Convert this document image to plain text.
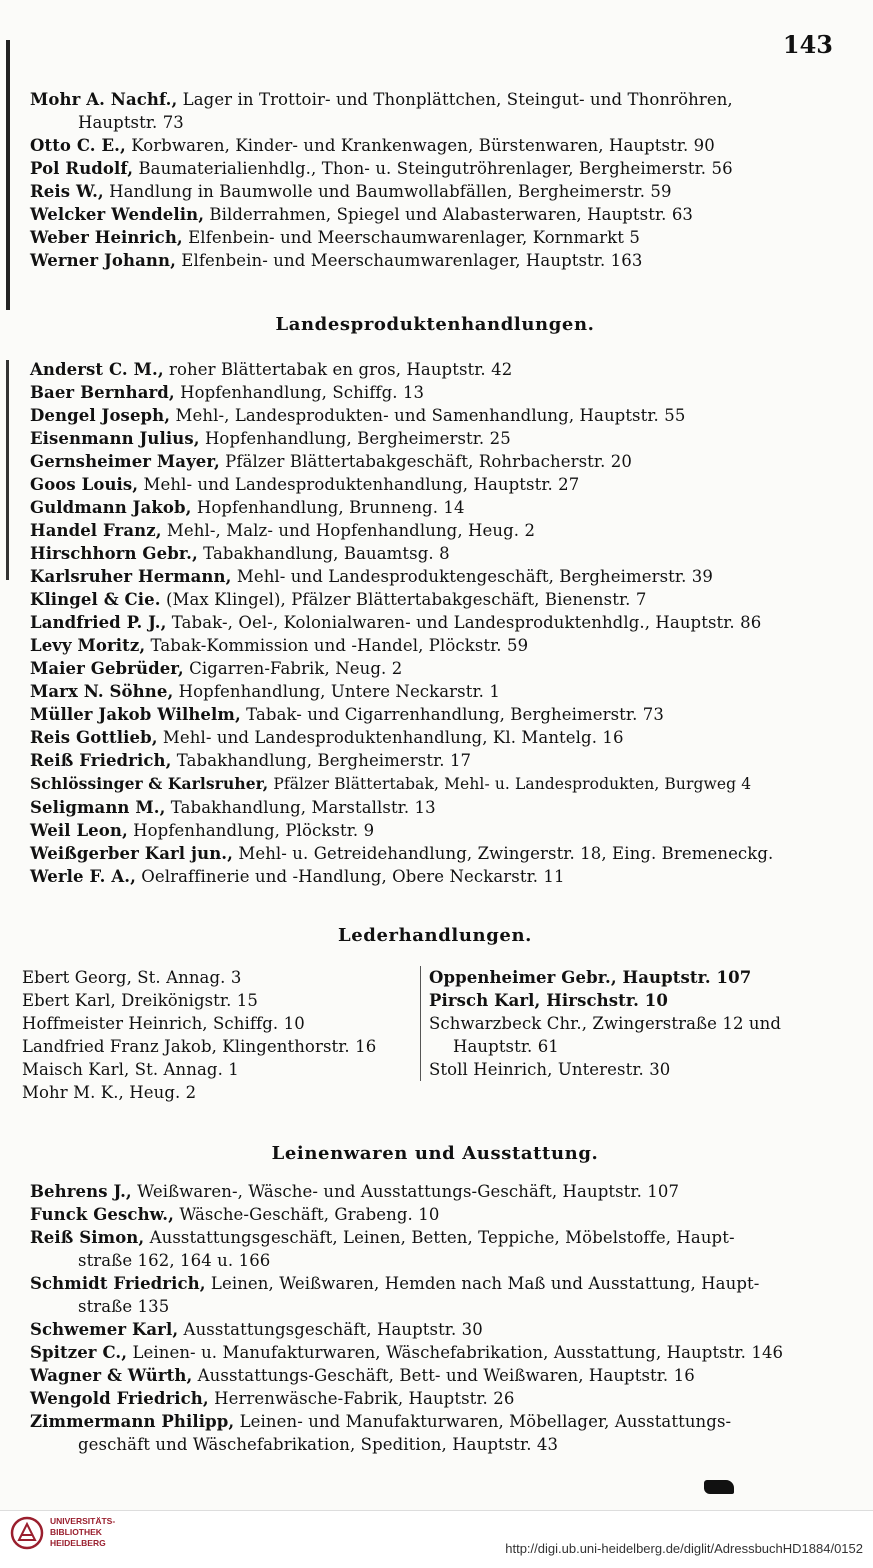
143
Mohr A. Nachf., Lager in Trottoir- und Thonplättchen, Steingut- und Thonröhren,
Hauptstr. 73
Otto C. E., Korbwaren, Kinder- und Krankenwagen, Bürstenwaren, Hauptstr. 90
Pol Rudolf, Baumaterialienhdlg., Thon- u. Steingutröhrenlager, Bergheimerstr. 56
Reis W., Handlung in Baumwolle und Baumwollabfällen, Bergheimerstr. 59
Welcker Wendelin, Bilderrahmen, Spiegel und Alabasterwaren, Hauptstr. 63
Weber Heinrich, Elfenbein- und Meerschaumwarenlager, Kornmarkt 5
Werner Johann, Elfenbein- und Meerschaumwarenlager, Hauptstr. 163
Landesproduktenhandlungen.
Anderst C. M., roher Blättertabak en gros, Hauptstr. 42
Baer Bernhard, Hopfenhandlung, Schiffg. 13
Dengel Joseph, Mehl-, Landesprodukten- und Samenhandlung, Hauptstr. 55
Eisenmann Julius, Hopfenhandlung, Bergheimerstr. 25
Gernsheimer Mayer, Pfälzer Blättertabakgeschäft, Rohrbacherstr. 20
Goos Louis, Mehl- und Landesproduktenhandlung, Hauptstr. 27
Guldmann Jakob, Hopfenhandlung, Brunneng. 14
Handel Franz, Mehl-, Malz- und Hopfenhandlung, Heug. 2
Hirschhorn Gebr., Tabakhandlung, Bauamtsg. 8
Karlsruher Hermann, Mehl- und Landesproduktengeschäft, Bergheimerstr. 39
Klingel & Cie. (Max Klingel), Pfälzer Blättertabakgeschäft, Bienenstr. 7
Landfried P. J., Tabak-, Oel-, Kolonialwaren- und Landesproduktenhdlg., Hauptstr. 86
Levy Moritz, Tabak-Kommission und -Handel, Plöckstr. 59
Maier Gebrüder, Cigarren-Fabrik, Neug. 2
Marx N. Söhne, Hopfenhandlung, Untere Neckarstr. 1
Müller Jakob Wilhelm, Tabak- und Cigarrenhandlung, Bergheimerstr. 73
Reis Gottlieb, Mehl- und Landesproduktenhandlung, Kl. Mantelg. 16
Reiß Friedrich, Tabakhandlung, Bergheimerstr. 17
Schlössinger & Karlsruher, Pfälzer Blättertabak, Mehl- u. Landesprodukten, Burgweg 4
Seligmann M., Tabakhandlung, Marstallstr. 13
Weil Leon, Hopfenhandlung, Plöckstr. 9
Weißgerber Karl jun., Mehl- u. Getreidehandlung, Zwingerstr. 18, Eing. Bremeneckg.
Werle F. A., Oelraffinerie und -Handlung, Obere Neckarstr. 11
Lederhandlungen.
Ebert Georg, St. Annag. 3
Ebert Karl, Dreikönigstr. 15
Hoffmeister Heinrich, Schiffg. 10
Landfried Franz Jakob, Klingenthorstr. 16
Maisch Karl, St. Annag. 1
Mohr M. K., Heug. 2
Oppenheimer Gebr., Hauptstr. 107
Pirsch Karl, Hirschstr. 10
Schwarzbeck Chr., Zwingerstraße 12 und
Hauptstr. 61
Stoll Heinrich, Unterestr. 30
Leinenwaren und Ausstattung.
Behrens J., Weißwaren-, Wäsche- und Ausstattungs-Geschäft, Hauptstr. 107
Funck Geschw., Wäsche-Geschäft, Grabeng. 10
Reiß Simon, Ausstattungsgeschäft, Leinen, Betten, Teppiche, Möbelstoffe, Haupt-
straße 162, 164 u. 166
Schmidt Friedrich, Leinen, Weißwaren, Hemden nach Maß und Ausstattung, Haupt-
straße 135
Schwemer Karl, Ausstattungsgeschäft, Hauptstr. 30
Spitzer C., Leinen- u. Manufakturwaren, Wäschefabrikation, Ausstattung, Hauptstr. 146
Wagner & Würth, Ausstattungs-Geschäft, Bett- und Weißwaren, Hauptstr. 16
Wengold Friedrich, Herrenwäsche-Fabrik, Hauptstr. 26
Zimmermann Philipp, Leinen- und Manufakturwaren, Möbellager, Ausstattungs-
geschäft und Wäschefabrikation, Spedition, Hauptstr. 43
UNIVERSITÄTS-
BIBLIOTHEK
HEIDELBERG	http://digi.ub.uni-heidelberg.de/diglit/AdressbuchHD1884/0152
